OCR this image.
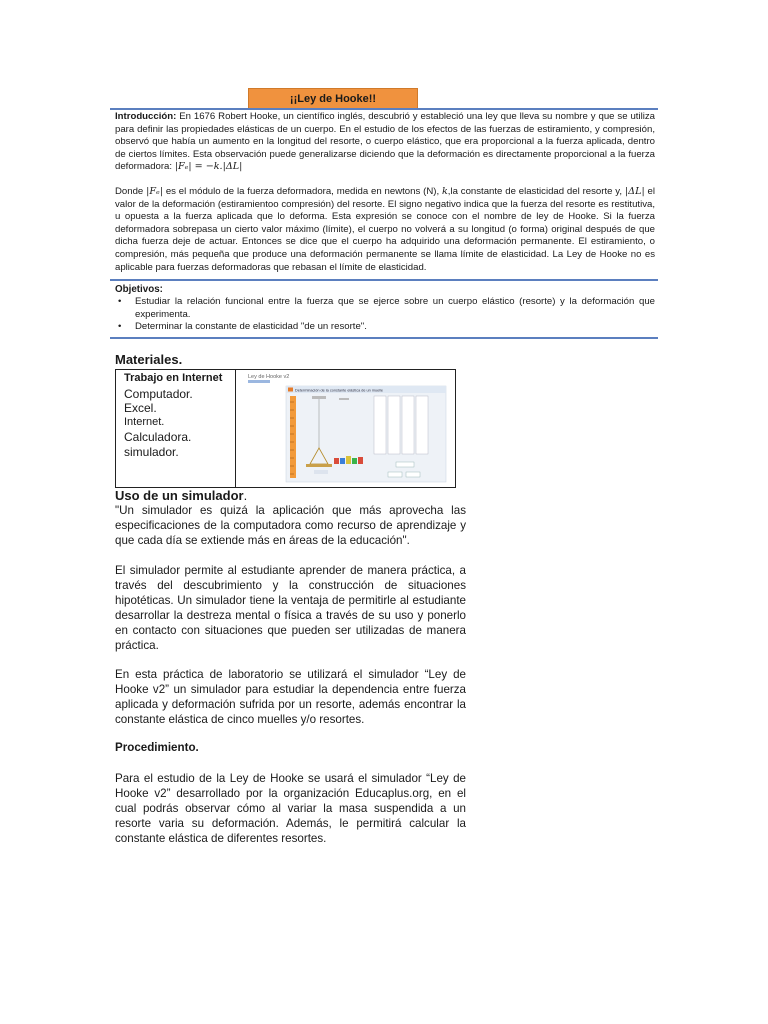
¡¡Ley de Hooke!!

Introducción: En 1676 Robert Hooke, un científico inglés, descubrió y estableció una ley que lleva su nombre y que se utiliza para definir las propiedades elásticas de un cuerpo. En el estudio de los efectos de las fuerzas de estiramiento, y compresión, observó que había un aumento en la longitud del resorte, o cuerpo elástico, que era proporcional a la fuerza aplicada, dentro de ciertos límites. Esta observación puede generalizarse diciendo que la deformación es directamente proporcional a la fuerza deformadora: |Fₑ| = −k.|ΔL|

Donde |Fₑ| es el módulo de la fuerza deformadora, medida en newtons (N), k,la constante de elasticidad del resorte y, |ΔL| el valor de la deformación (estiramientoo compresión) del resorte. El signo negativo indica que la fuerza del resorte es restitutiva, u opuesta a la fuerza aplicada que lo deforma. Esta expresión se conoce con el nombre de ley de Hooke. Si la fuerza deformadora sobrepasa un cierto valor máximo (límite), el cuerpo no volverá a su longitud (o forma) original después de que dicha fuerza deje de actuar. Entonces se dice que el cuerpo ha adquirido una deformación permanente. El estiramiento, o compresión, más pequeña que produce una deformación permanente se llama límite de elasticidad. La Ley de Hooke no es aplicable para fuerzas deformadoras que rebasan el límite de elasticidad.

Objetivos:
• Estudiar la relación funcional entre la fuerza que se ejerce sobre un cuerpo elástico (resorte) y la deformación que experimenta.
• Determinar la constante de elasticidad "de un resorte".
Materiales.
Trabajo en Internet
Computador.
Excel.
Internet.
Calculadora.
simulador.
Ley de Hooke v2
Determinación de la constante elástica de un muelle
Uso de un simulador.

"Un simulador es quizá la aplicación que más aprovecha las especificaciones de la computadora como recurso de aprendizaje y que cada día se extiende más en áreas de la educación".

El simulador permite al estudiante aprender de manera práctica, a través del descubrimiento y la construcción de situaciones hipotéticas. Un simulador tiene la ventaja de permitirle al estudiante desarrollar la destreza mental o física a través de su uso y ponerlo en contacto con situaciones que pueden ser utilizadas de manera práctica.

En esta práctica de laboratorio se utilizará el simulador “Ley de Hooke v2” un simulador para estudiar la dependencia entre fuerza aplicada y deformación sufrida por un resorte, además encontrar la constante elástica de cinco muelles y/o resortes.

Procedimiento.

Para el estudio de la Ley de Hooke se usará el simulador “Ley de Hooke v2” desarrollado por la organización Educaplus.org, en el cual podrás observar cómo al variar la masa suspendida a un resorte varia su deformación. Además, le permitirá calcular la constante elástica de diferentes resortes.
